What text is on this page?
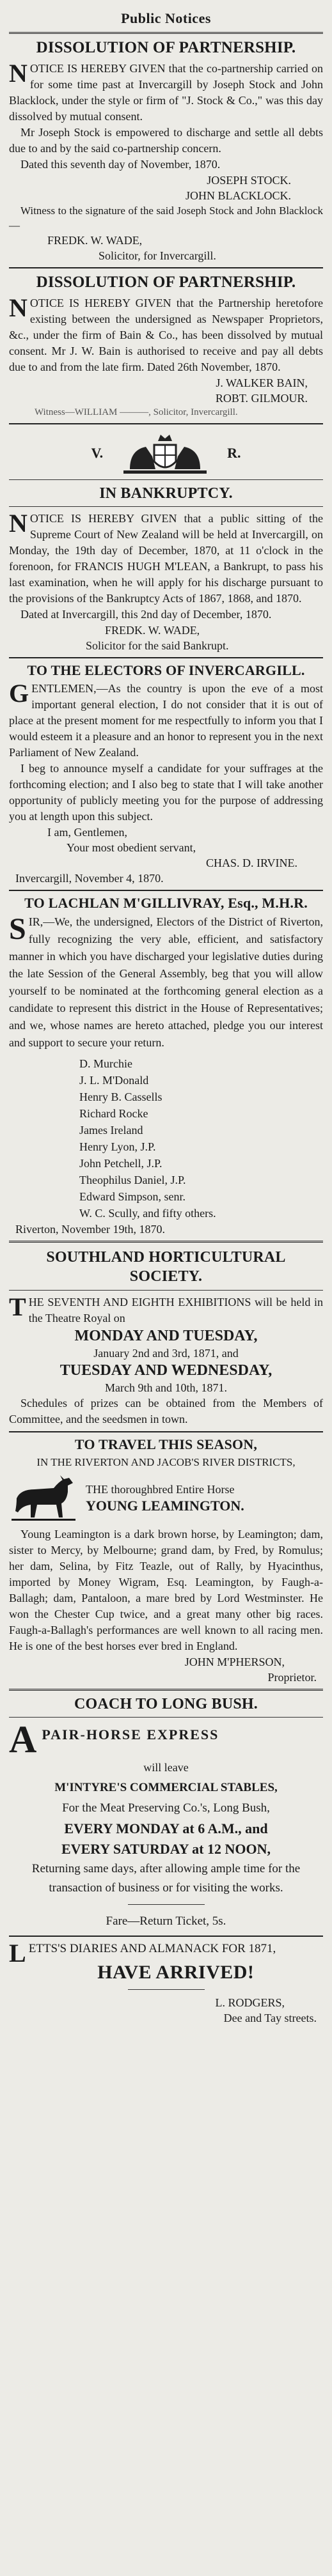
Public Notices
DISSOLUTION OF PARTNERSHIP.

NOTICE IS HEREBY GIVEN that the co-partnership carried on for some time past at Invercargill by Joseph Stock and John Blacklock, under the style or firm of "J. Stock & Co.," was this day dissolved by mutual consent.

Mr Joseph Stock is empowered to discharge and settle all debts due to and by the said co-partnership concern.

Dated this seventh day of November, 1870.

JOSEPH STOCK.
JOHN BLACKLOCK.

Witness to the signature of the said Joseph Stock and John Blacklock—

FREDK. W. WADE,
Solicitor, for Invercargill.
DISSOLUTION OF PARTNERSHIP.

NOTICE IS HEREBY GIVEN that the Partnership heretofore existing between the undersigned as Newspaper Proprietors, &c., under the firm of Bain & Co., has been dissolved by mutual consent. Mr J. W. Bain is authorised to receive and pay all debts due to and from the late firm. Dated 26th November, 1870.

J. WALKER BAIN,
ROBT. GILMOUR.
Witness—WILLIAM ———, Solicitor, Invercargill.
V.	R.
IN BANKRUPTCY.

NOTICE IS HEREBY GIVEN that a public sitting of the Supreme Court of New Zealand will be held at Invercargill, on Monday, the 19th day of December, 1870, at 11 o'clock in the forenoon, for FRANCIS HUGH M'LEAN, a Bankrupt, to pass his last examination, when he will apply for his discharge pursuant to the provisions of the Bankruptcy Acts of 1867, 1868, and 1870.

Dated at Invercargill, this 2nd day of December, 1870.

FREDK. W. WADE,
Solicitor for the said Bankrupt.
TO THE ELECTORS OF INVERCARGILL.

GENTLEMEN,—As the country is upon the eve of a most important general election, I do not consider that it is out of place at the present moment for me respectfully to inform you that I would esteem it a pleasure and an honor to represent you in the next Parliament of New Zealand.

I beg to announce myself a candidate for your suffrages at the forthcoming election; and I also beg to state that I will take another opportunity of publicly meeting you for the purpose of addressing you at length upon this subject.

I am, Gentlemen,
Your most obedient servant,
CHAS. D. IRVINE.
Invercargill, November 4, 1870.
TO LACHLAN M'GILLIVRAY, Esq., M.H.R.

SIR,—We, the undersigned, Electors of the District of Riverton, fully recognizing the very able, efficient, and satisfactory manner in which you have discharged your legislative duties during the late Session of the General Assembly, beg that you will allow yourself to be nominated at the forthcoming general election as a candidate to represent this district in the House of Representatives; and we, whose names are hereto attached, pledge you our interest and support to secure your return.

D. Murchie

J. L. M'Donald

Henry B. Cassells

Richard Rocke

James Ireland

Henry Lyon, J.P.

John Petchell, J.P.

Theophilus Daniel, J.P.

Edward Simpson, senr.

W. C. Scully, and fifty others.

Riverton, November 19th, 1870.
SOUTHLAND HORTICULTURAL SOCIETY.

THE SEVENTH AND EIGHTH EXHIBITIONS will be held in the Theatre Royal on

MONDAY AND TUESDAY,
January 2nd and 3rd, 1871, and
TUESDAY AND WEDNESDAY,
March 9th and 10th, 1871.

Schedules of prizes can be obtained from the Members of Committee, and the seedsmen in town.

TO TRAVEL THIS SEASON,
IN THE RIVERTON AND JACOB'S RIVER DISTRICTS,
THE thoroughbred Entire Horse
YOUNG LEAMINGTON.

Young Leamington is a dark brown horse, by Leamington; dam, sister to Mercy, by Melbourne; grand dam, by Fred, by Romulus; her dam, Selina, by Fitz Teazle, out of Rally, by Hyacinthus, imported by Money Wigram, Esq. Leamington, by Faugh-a-Ballagh; dam, Pantaloon, a mare bred by Lord Westminster. He won the Chester Cup twice, and a great many other big races. Faugh-a-Ballagh's performances are well known to all racing men. He is one of the best horses ever bred in England.

JOHN M'PHERSON,
Proprietor.
COACH TO LONG BUSH.
A PAIR-HORSE EXPRESS

will leave

M'INTYRE'S COMMERCIAL STABLES,

For the Meat Preserving Co.'s, Long Bush,

EVERY MONDAY at 6 A.M., and

EVERY SATURDAY at 12 NOON,

Returning same days, after allowing ample time for the transaction of business or for visiting the works.

Fare—Return Ticket, 5s.

LETTS'S DIARIES AND ALMANACK FOR 1871,

HAVE ARRIVED!
L. RODGERS,
Dee and Tay streets.
